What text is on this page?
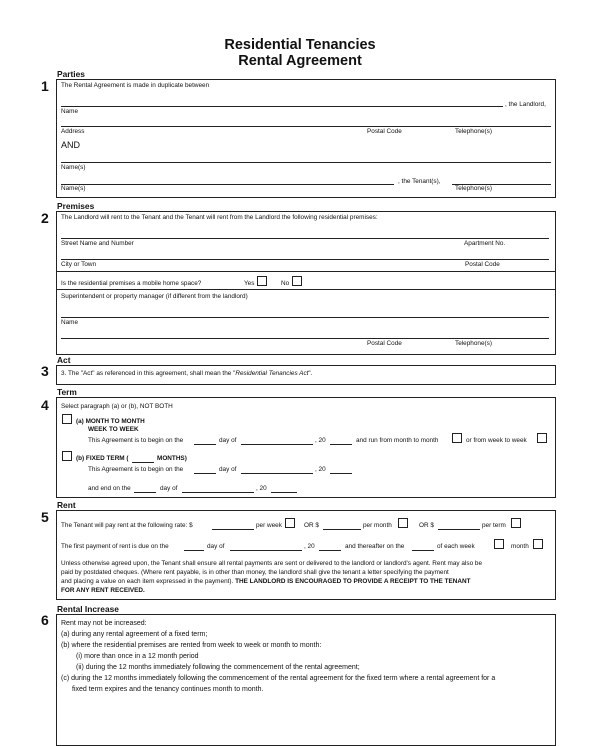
Residential Tenancies
Rental Agreement
Parties
1 The Rental Agreement is made in duplicate between
, the Landlord,
Name
Address	Postal Code	Telephone(s)
AND
Name(s)
, the Tenant(s),
Name(s)	Telephone(s)
Premises
2 The Landlord will rent to the Tenant and the Tenant will rent from the Landlord the following residential premises:
Street Name and Number	Apartment No.
City or Town	Postal Code
Is the residential premises a mobile home space?	Yes	No
Superintendent or property manager (if different from the landlord)
Name
Postal Code	Telephone(s)
Act
3 3. The "Act" as referenced in this agreement, shall mean the "Residential Tenancies Act".
Term
4 Select paragraph (a) or (b), NOT BOTH
(a) MONTH TO MONTH
WEEK TO WEEK
This Agreement is to begin on the	day of	, 20	and run from month to month	or from week to week
(b) FIXED TERM (	MONTHS)
This Agreement is to begin on the	day of	, 20
and end on the	day of	, 20
Rent
5
The Tenant will pay rent at the following rate: $	per week	OR $	per month	OR $	per term
The first payment of rent is due on the	day of	, 20	and thereafter on the	of each week	month
Unless otherwise agreed upon, the Tenant shall ensure all rental payments are sent or delivered to the landlord or landlord's agent. Rent may also be
paid by postdated cheques. (Where rent payable, is in other than money, the landlord shall give the tenant a letter specifying the payment
and placing a value on each item expressed in the payment). THE LANDLORD IS ENCOURAGED TO PROVIDE A RECEIPT TO THE TENANT
FOR ANY RENT RECEIVED.
Rental Increase
6 Rent may not be increased:
(a) during any rental agreement of a fixed term;
(b) where the residential premises are rented from week to week or month to month:
(i) more than once in a 12 month period
(ii) during the 12 months immediately following the commencement of the rental agreement;
(c) during the 12 months immediately following the commencement of the rental agreement for the fixed term where a rental agreement for a
fixed term expires and the tenancy continues month to month.
